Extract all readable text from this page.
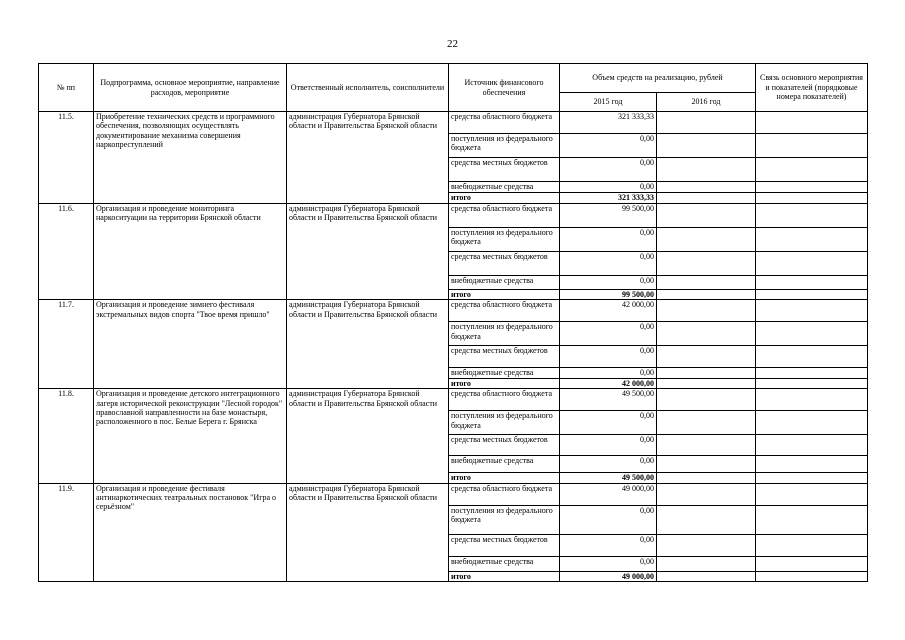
22
№ пп	Подпрограмма, основное мероприятие, направление расходов, мероприятие	Ответственный исполнитель, соисполнители	Источник финансового обеспечения	Объем средств на реализацию, рублей		Связь основного мероприятия и показателей (порядковые номера показателей)
				2015 год	2016 год	
11.5.	Приобретение технических средств и программного обеспечения, позволяющих осуществлять документирование механизма совершения наркопреступлений	администрация Губернатора Брянской области и Правительства Брянской области	средства областного бюджета	321 333,33		
			поступления из федерального бюджета	0,00		
			средства местных бюджетов	0,00		
			внебюджетные средства	0,00		
			итого	321 333,33		
11.6.	Организация и проведение мониторинга наркоситуации на территории Брянской области	администрация Губернатора Брянской области и Правительства Брянской области	средства областного бюджета	99 500,00		
			поступления из федерального бюджета	0,00		
			средства местных бюджетов	0,00		
			внебюджетные средства	0,00		
			итого	99 500,00		
11.7.	Организация и проведение зимнего фестиваля экстремальных видов спорта "Твое время пришло"	администрация Губернатора Брянской области и Правительства Брянской области	средства областного бюджета	42 000,00		
			поступления из федерального бюджета	0,00		
			средства местных бюджетов	0,00		
			внебюджетные средства	0,00		
			итого	42 000,00		
11.8.	Организация и проведение детского интеграционного лагеря исторической реконструкции "Лесной городок" православной направленности на базе монастыря, расположенного в пос. Белые Берега г. Брянска	администрация Губернатора Брянской области и Правительства Брянской области	средства областного бюджета	49 500,00		
			поступления из федерального бюджета	0,00		
			средства местных бюджетов	0,00		
			внебюджетные средства	0,00		
			итого	49 500,00		
11.9.	Организация и проведение фестиваля антинаркотических театральных постановок "Игра о серьёзном"	администрация Губернатора Брянской области и Правительства Брянской области	средства областного бюджета	49 000,00		
			поступления из федерального бюджета	0,00		
			средства местных бюджетов	0,00		
			внебюджетные средства	0,00		
			итого	49 000,00		
